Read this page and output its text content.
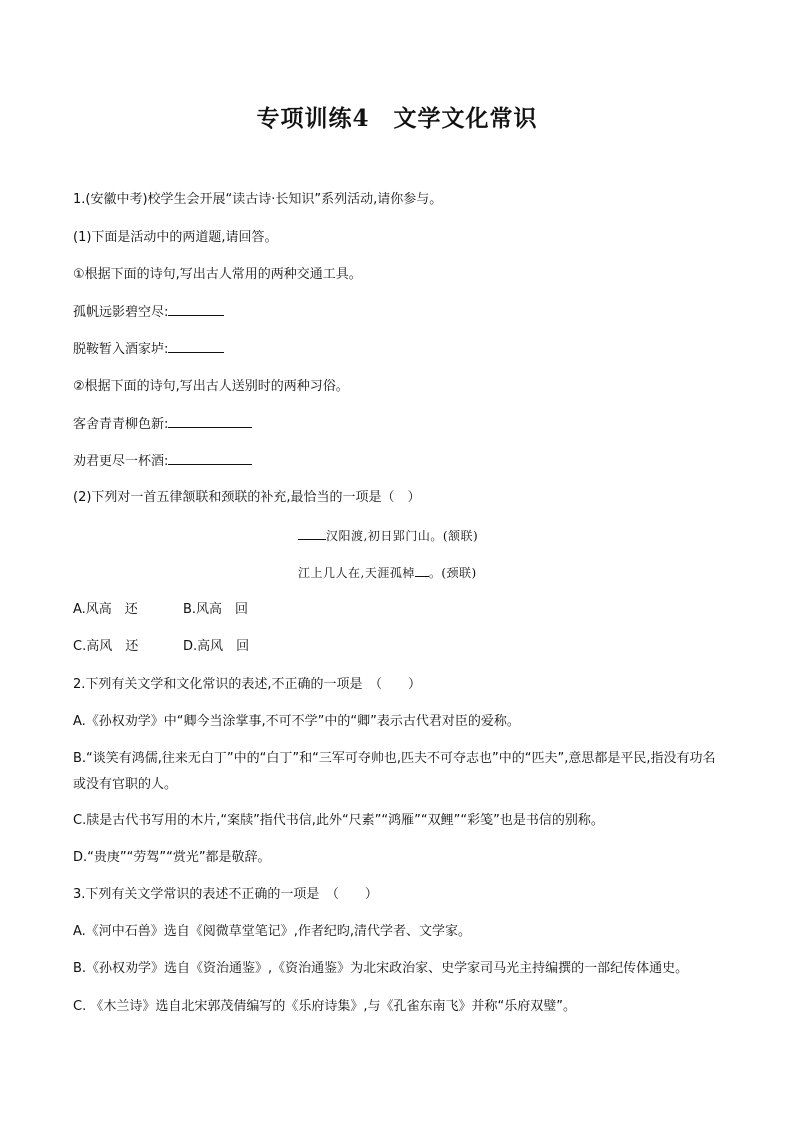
专项训练4　文学文化常识
1.(安徽中考)校学生会开展“读古诗·长知识”系列活动,请你参与。
(1)下面是活动中的两道题,请回答。
①根据下面的诗句,写出古人常用的两种交通工具。
孤帆远影碧空尽:
脱鞍暂入酒家垆:
②根据下面的诗句,写出古人送别时的两种习俗。
客舍青青柳色新:
劝君更尽一杯酒:
(2)下列对一首五律颔联和颈联的补充,最恰当的一项是（　）
汉阳渡,初日郢门山。(颔联)
江上几人在,天涯孤棹 。(颈联)
A.风高　还	B.风高　回
C.高风　还	D.高风　回
2.下列有关文学和文化常识的表述,不正确的一项是　（　　）
A.《孙权劝学》中“卿今当涂掌事,不可不学”中的“卿”表示古代君对臣的爱称。
B.“谈笑有鸿儒,往来无白丁”中的“白丁”和“三军可夺帅也,匹夫不可夺志也”中的“匹夫”,意思都是平民,指没有功名或没有官职的人。
C.牍是古代书写用的木片,“案牍”指代书信,此外“尺素”“鸿雁”“双鲤”“彩笺”也是书信的别称。
D.“贵庚”“劳驾”“赏光”都是敬辞。
3.下列有关文学常识的表述不正确的一项是　（　　）
A.《河中石兽》选自《阅微草堂笔记》,作者纪昀,清代学者、文学家。
B.《孙权劝学》选自《资治通鉴》,《资治通鉴》为北宋政治家、史学家司马光主持编撰的一部纪传体通史。
C. 《木兰诗》选自北宋郭茂倩编写的《乐府诗集》,与《孔雀东南飞》并称“乐府双璧”。
